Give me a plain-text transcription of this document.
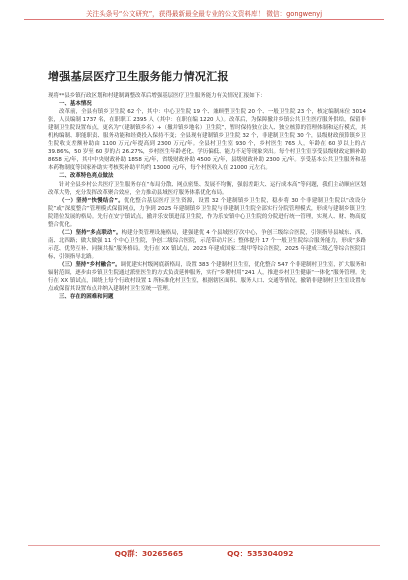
关注头条号“公文研究”，获得最新最全最专业的公文资料库！ 微信：gongwenyj
增强基层医疗卫生服务能力情况汇报

现将**县乡镇行政区划和村建制调整改革后增强基层医疗卫生服务能力有关情况汇报如下：

一、基本情况

改革前，全县有镇乡卫生院 62 个，其中：中心卫生院 19 个、兼顾型卫生院 20 个、一般卫生院 23 个，核定编制床位 3014 张，人员编制 1737 名，在职职工 2395 人（其中：在职在编 1220 人）。改革后，为保障撤并乡镇公共卫生医疗服务供给，保留非建制卫生院设置布点，更名为“（建制镇乡名）+（撤并镇乡地名）卫生院”，暂时保持独立法人、独立核算的管理体制和运行模式，其机构编制、职能职责、服务功能和经费投入保持不变；全县现有建制镇乡卫生院 32 个，非建制卫生院 30 个，县级财政预算镇乡卫生院收支差额补助由 1100 万元/年提高到 2300 万元/年。全县村卫生室 930 个，乡村医生 765 人，年龄在 60 岁以上的占 39.86%，50 岁至 60 岁的占 26.27%，乡村医生年龄老化、学历偏低、能力不足等现象突出。每个村卫生室享受县级财政定额补助 8658 元/年，其中中央财政补助 1858 元/年，省级财政补助 4500 元/年，县级财政补助 2300 元/年。享受基本公共卫生服务和基本药物制度等国家补助实考核奖补助平均约 13000 元/年，每个村医收入在 21000 元左右。

二、改革特色亮点做法

针对全县乡村公共医疗卫生服务存在“布局分散、网点密集、发展不均衡，强弱差距大、运行成本高”等问题，我们主动顺应区划改革大势，充分发挥改革聚合效应，全力推动县域医疗服务体系优化布局。

（一）坚持“快慢结合”。优化整合基层医疗卫生资源，设置 32 个建制镇乡卫生院，稳步将 30 个非建制卫生院以“改设分院”或“深度整合”管理模式保留网点，力争到 2025 年建制镇乡卫生院与非建制卫生院全部实行分院管理模式，形成与建制乡镇卫生院错位发展的格局。先行在安宁镇试点，撤并乐安镇进部卫生院，作为乐安镇中心卫生院的分院进行统一管理，实现人、财、物高度整合优化。

（二）坚持“多点联动”。构建分类管理设施格局，建强建优 4 个县域医疗次中心，争创三级综合医院，引领指导县城东、西、南、北四路；做大做强 11 个中心卫生院，争创二级综合医院，示范带动片区；整体提升 17 个一般卫生院综合服务能力，形成“多路示范、优势互补、同频共振”服务格局。先行在 XX 镇试点，2023 年建成国家二级甲等综合医院，2025 年建成三级乙等综合医院目标，引领指导北路。

（三）坚持“乡村融合”。调优建实村级网底新格局，设置 383 个建制村卫生室，优化整合 547 个非建制村卫生室，扩大服务和辐射范围，逐步由乡镇卫生院通过派驻医生的方式负责延伸服务，实行“乡聘村用”241 人，推进乡村卫生健康“一体化”服务管理。先行在 XX 镇试点，围绕上每个行政村设置 1 所标准化村卫生室，根据辖区面积、服务人口、交通等情况，撤销非建制村卫生室设置布点或保留其设置布点并纳入建制村卫生室统一管理。

三、存在的困难和问题

QQ群：30265665	QQ：535304092
